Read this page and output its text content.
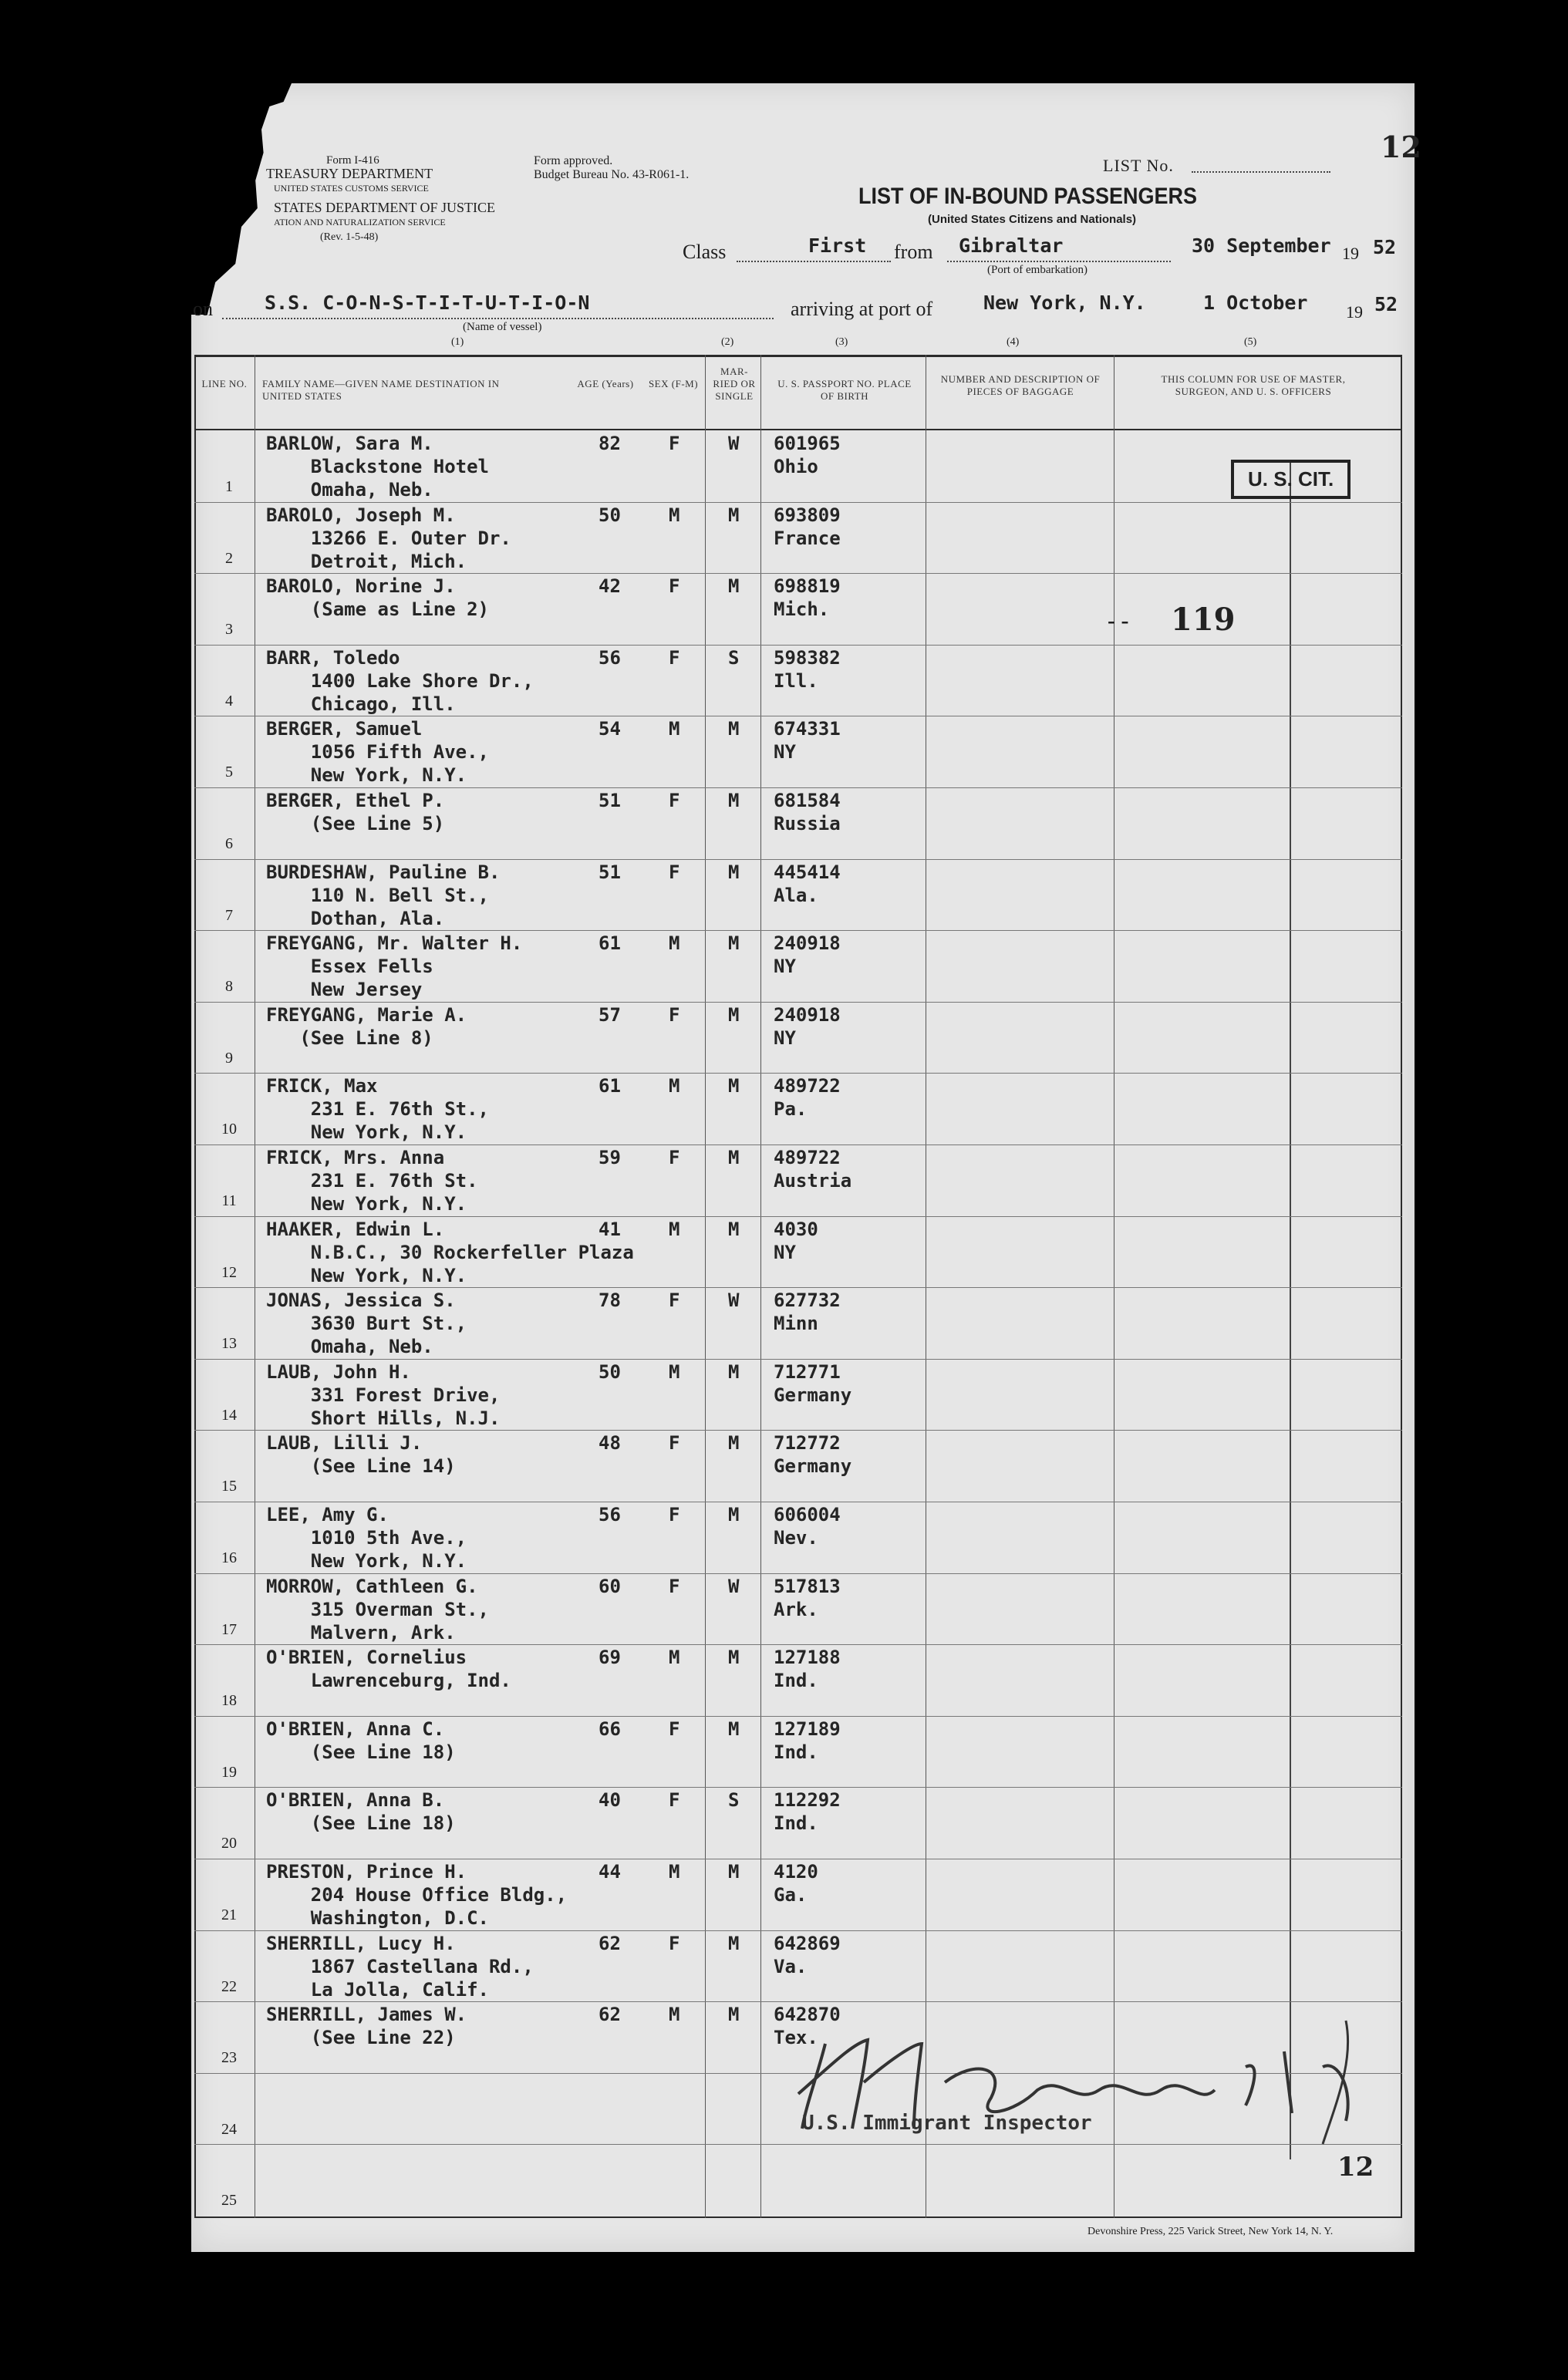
Form I-416
TREASURY DEPARTMENT
UNITED STATES CUSTOMS SERVICE
STATES DEPARTMENT OF JUSTICE
ATION AND NATURALIZATION SERVICE
(Rev. 1-5-48)
Form approved.
Budget Bureau No. 43-R061-1.	LIST No.
12
LIST OF IN-BOUND PASSENGERS
(United States Citizens and Nationals)
Class	First from Gibraltar
(Port of embarkation)
30 September 19 52
on	S.S. C-O-N-S-T-I-T-U-T-I-O-N
(Name of vessel)
arriving at port of	New York, N.Y.	1 October 19 52
(1)	(2)	(3)	(4)	(5)
LINE NO.	FAMILY NAME—GIVEN NAME DESTINATION IN UNITED STATES
AGE (Years) SEX (F-M)
MAR-RIED OR SINGLE
U. S. PASSPORT NO. PLACE OF BIRTH
NUMBER AND DESCRIPTION OF PIECES OF BAGGAGE
THIS COLUMN FOR USE OF MASTER, SURGEON, AND U. S. OFFICERS
1
BARLOW, Sara M.
Blackstone Hotel
Omaha, Neb.
82	F	W 601965
Ohio
2
BAROLO, Joseph M.
13266 E. Outer Dr.
Detroit, Mich.
50	M	M 693809
France
3
BAROLO, Norine J.
(Same as Line 2)
42	F	M 698819
Mich.
4
BARR, Toledo
1400 Lake Shore Dr.,
Chicago, Ill.
56	F	S 598382
Ill.
5
BERGER, Samuel
1056 Fifth Ave.,
New York, N.Y.
54	M	M 674331
NY
6
BERGER, Ethel P.
(See Line 5)
51	F	M 681584
Russia
7
BURDESHAW, Pauline B.
110 N. Bell St.,
Dothan, Ala.
51	F	M 445414
Ala.
8
FREYGANG, Mr. Walter H.
Essex Fells
New Jersey
61	M	M 240918
NY
9
FREYGANG, Marie A.
(See Line 8)
57	F	M 240918
NY
10
FRICK, Max
231 E. 76th St.,
New York, N.Y.
61	M	M 489722
Pa.
11
FRICK, Mrs. Anna
231 E. 76th St.
New York, N.Y.
59	F	M 489722
Austria
12
HAAKER, Edwin L.
N.B.C., 30 Rockerfeller Plaza
New York, N.Y.
41	M	M 4030
NY
13
JONAS, Jessica S.
3630 Burt St.,
Omaha, Neb.
78	F	W 627732
Minn
14
LAUB, John H.
331 Forest Drive,
Short Hills, N.J.
50	M	M 712771
Germany
15
LAUB, Lilli J.
(See Line 14)
48	F	M 712772
Germany
16
LEE, Amy G.
1010 5th Ave.,
New York, N.Y.
56	F	M 606004
Nev.
17
MORROW, Cathleen G.
315 Overman St.,
Malvern, Ark.
60	F	W 517813
Ark.
18
O'BRIEN, Cornelius
Lawrenceburg, Ind.
69	M	M 127188
Ind.
19
O'BRIEN, Anna C.
(See Line 18)
66	F	M 127189
Ind.
20
O'BRIEN, Anna B.
(See Line 18)
40	F	S 112292
Ind.
21
PRESTON, Prince H.
204 House Office Bldg.,
Washington, D.C.
44	M	M 4120
Ga.
22
SHERRILL, Lucy H.
1867 Castellana Rd.,
La Jolla, Calif.
62	F	M 642869
Va.
23
SHERRILL, James W.
(See Line 22)
62	M	M 642870
Tex.
24
25
U. S. CIT.
119
- -
U.S. Immigrant Inspector
12
Devonshire Press, 225 Varick Street, New York 14, N. Y.
